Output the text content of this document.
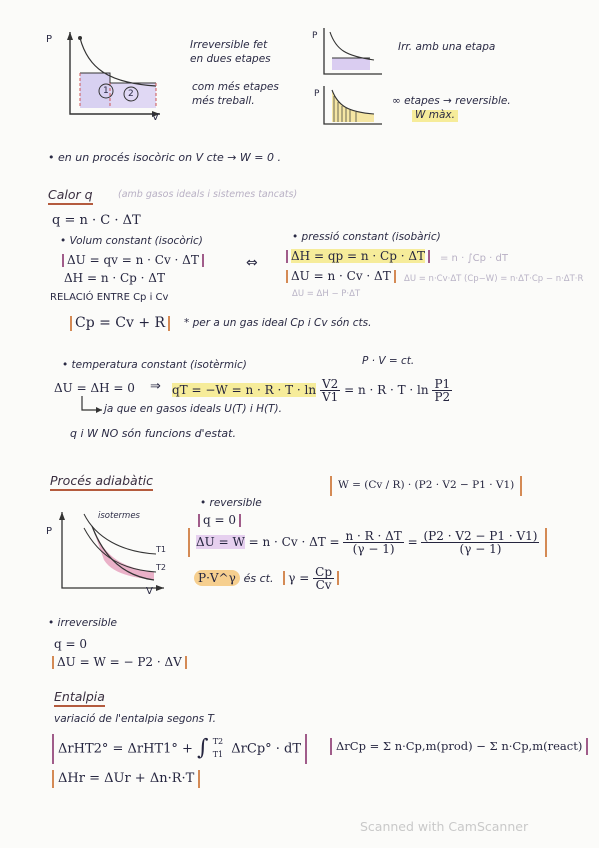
P
V
1 2
Irreversible fet
en dues etapes
com més etapes
més treball.
P
Irr. amb una etapa
P
∞ etapes → reversible.
W màx.
• en un procés isocòric on V cte → W = 0 .
Calor q	(amb gasos ideals i sistemes tancats)
q = n · C · ΔT
• Volum constant (isocòric)
ΔU = qv = n · Cv · ΔT
ΔH = n · Cp · ΔT
⇔
• pressió constant (isobàric)
ΔH = qp = n · Cp · ΔT	= n · ∫Cp · dT
ΔU = n · Cv · ΔT	ΔU = n·Cv·ΔT (Cp−W) = n·ΔT·Cp − n·ΔT·R
ΔU = ΔH − P·ΔT
RELACIÓ ENTRE Cp i Cv
Cp = Cv + R	* per a un gas ideal Cp i Cv són cts.
• temperatura constant (isotèrmic)	P · V = ct.
ΔU = ΔH = 0 ⇒ qT = $-W = n \cdot R \cdot T \cdot \ln \frac{V2}{V1} = n \cdot R \cdot T \cdot \ln \frac{P1}{P2}$
ja que en gasos ideals U(T) i H(T).
q i W NO són funcions d'estat.
Procés adiabàtic	W = (Cv / R) · (P2 · V2 − P1 · V1)
P
V
isotermes
T1
T2
• reversible
q = 0
$\Delta U = W = n \cdot Cv \cdot \Delta T = \frac{n \cdot R \cdot \Delta T}{(\gamma - 1)} = \frac{(P2 \cdot V2 - P1 \cdot V1)}{(\gamma - 1)}$
P·V^γ és ct. $\gamma = \frac{Cp}{Cv}$
• irreversible
q = 0
ΔU = W = − P2 · ΔV
Entalpia
variació de l'entalpia segons T.
ΔrHT2° = ΔrHT1° + ∫ T2
T1 ΔrCp° · dT	ΔrCp = Σ n·Cp,m(prod) − Σ n·Cp,m(react)
ΔHr = ΔUr + Δn·R·T
Scanned with CamScanner
